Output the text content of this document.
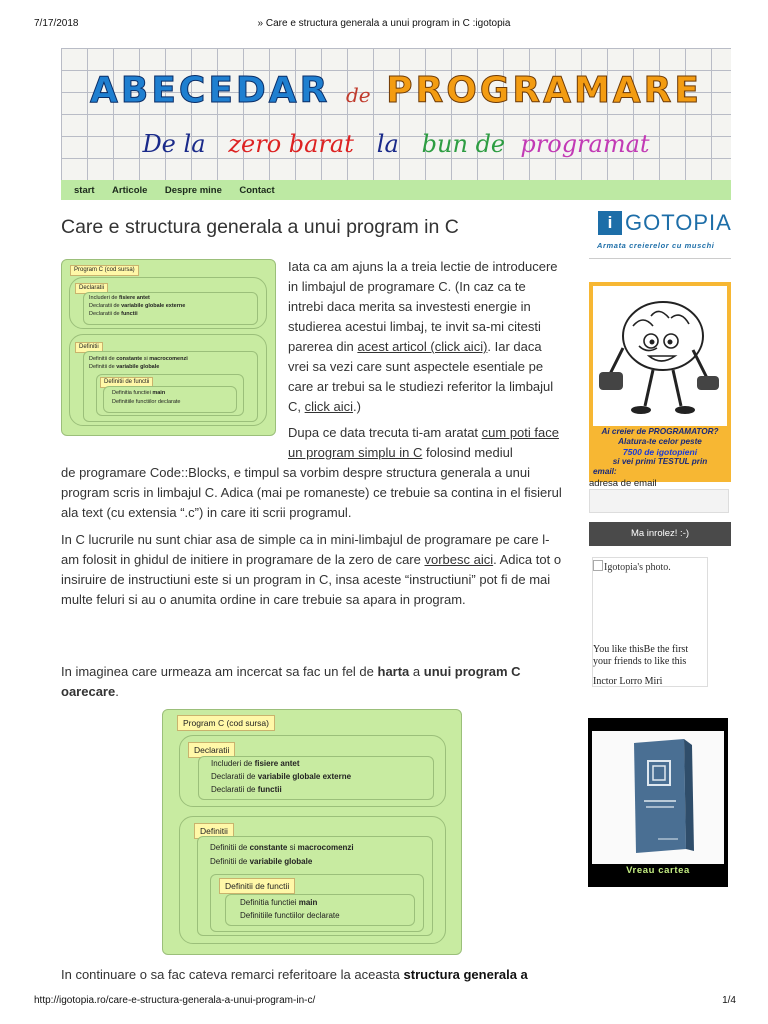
7/17/2018	» Care e structura generala a unui program in C :igotopia
ABECEDAR de PROGRAMARE
De la zero barat la bun de programat
start Articole Despre mine Contact
Care e structura generala a unui program in C
Program C (cod sursa)
Declaratii
Includeri de fisiere antet
Declaratii de variabile globale externe
Declaratii de functii
Definitii
Definitii de constante si macrocomenzi
Definitii de variabile globale
Definitii de functii
Definitia functiei main
Definitiile functiilor declarate
Iata ca am ajuns la a treia lectie de introducere in limbajul de programare C. (In caz ca te intrebi daca merita sa investesti energie in studierea acestui limbaj, te invit sa-mi citesti parerea din acest articol (click aici). Iar daca vrei sa vezi care sunt aspectele esentiale pe care ar trebui sa le studiezi referitor la limbajul C, click aici.)
Dupa ce data trecuta ti-am aratat cum poti face un program simplu in C folosind mediul
de programare Code::Blocks, e timpul sa vorbim despre structura generala a unui program scris in limbajul C. Adica (mai pe romaneste) ce trebuie sa contina in el fisierul ala text (cu extensia “.c”) in care iti scrii programul.
In C lucrurile nu sunt chiar asa de simple ca in mini-limbajul de programare pe care l-am folosit in ghidul de initiere in programare de la zero de care vorbesc aici. Adica tot o insiruire de instructiuni este si un program in C, insa aceste “instructiuni” pot fi de mai multe feluri si au o anumita ordine in care trebuie sa apara in program.
In imaginea care urmeaza am incercat sa fac un fel de harta a unui program C oarecare.
Program C (cod sursa)
Declaratii
Includeri de fisiere antet
Declaratii de variabile globale externe
Declaratii de functii
Definitii
Definitii de constante si macrocomenzi
Definitii de variabile globale
Definitii de functii
Definitia functiei main
Definitiile functiilor declarate
In continuare o sa fac cateva remarci referitoare la aceasta structura generala a
i GOTOPIA
Armata creierelor cu muschi
Ai creier de PROGRAMATOR?
Alatura-te celor peste
7500 de igotopieni
si vei primi TESTUL prin
email:
adresa de email
Ma inrolez! :-)
Igotopia's photo.
You like thisBe the first your friends to like this
Inctor Lorro Miri
Vreau cartea
http://igotopia.ro/care-e-structura-generala-a-unui-program-in-c/	1/4
